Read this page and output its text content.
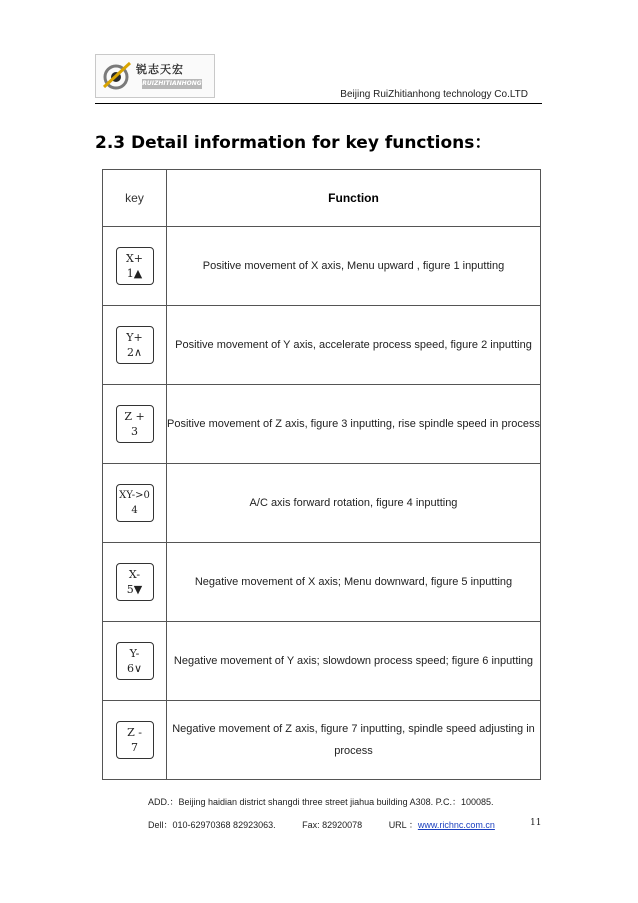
锐志天宏
RUIZHITIANHONG
Beijing RuiZhitianhong technology Co.LTD
2.3 Detail information for key functions：
key	Function

X+
1▲	Positive movement of X axis, Menu upward , figure 1 inputting

Y+
2∧	Positive movement of Y axis, accelerate process speed, figure 2 inputting

Z +
3	Positive movement of Z axis, figure 3 inputting, rise spindle speed in process

XY->0
4	A/C axis forward rotation, figure 4 inputting

X-
5▼	Negative movement of X axis; Menu downward, figure 5 inputting

Y-
6∨	Negative movement of Y axis; slowdown process speed; figure 6 inputting

Z -
7	Negative movement of Z axis, figure 7 inputting, spindle speed adjusting in process
ADD.：Beijing haidian district shangdi three street jiahua building A308. P.C.：100085.
Dell：010-62970368 82923063.	Fax: 82920078	URL ：www.richnc.com.cn	11
